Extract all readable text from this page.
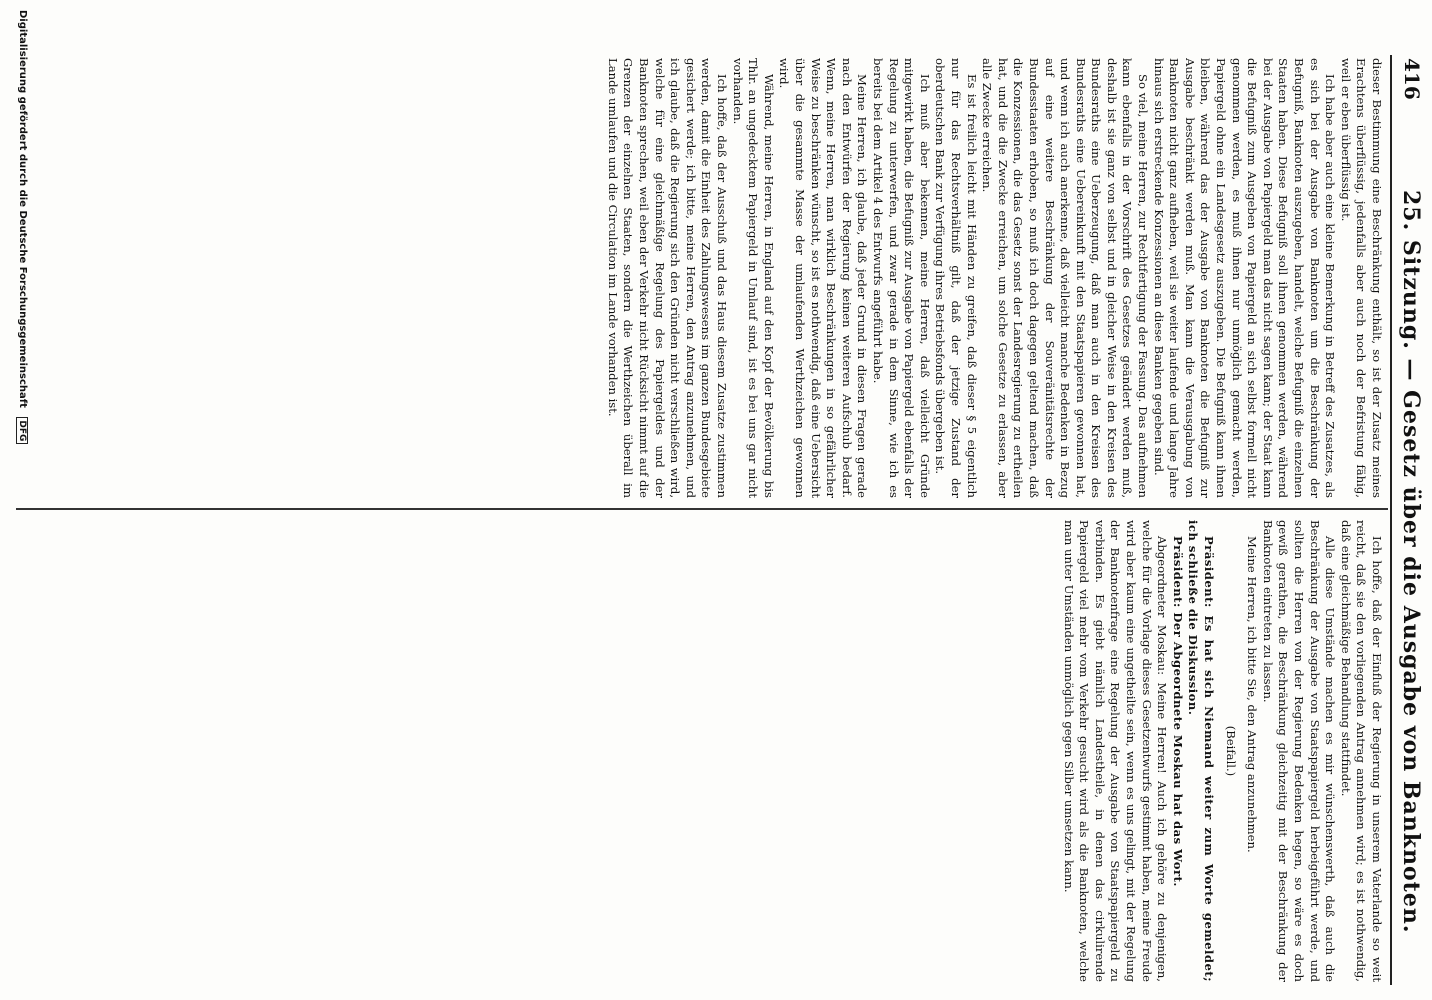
416
25. Sitzung. — Gesetz über die Ausgabe von Banknoten.

dieser Bestimmung eine Beschränkung enthält, so ist der Zusatz meines Erachtens überflüssig, jedenfalls aber auch noch der Befristung fähig, weil er eben überflüssig ist.

Ich habe aber auch eine kleine Bemerkung in Betreff des Zusatzes, als es sich bei der Ausgabe von Banknoten um die Beschränkung der Befugniß, Banknoten auszugeben, handelt, welche Befugniß die einzelnen Staaten haben. Diese Befugniß soll ihnen genommen werden, während bei der Ausgabe von Papiergeld man das nicht sagen kann; der Staat kann die Befugniß zum Ausgeben von Papiergeld an sich selbst formell nicht genommen werden, es muß ihnen nur unmöglich gemacht werden, Papiergeld ohne ein Landesgesetz auszugeben. Die Befugniß kann ihnen bleiben, während das der Ausgabe von Banknoten die Befugniß zur Ausgabe beschränkt werden muß. Man kann die Verausgabung von Banknoten nicht ganz aufheben, weil sie weiter laufende und lange Jahre hinaus sich erstreckende Konzessionen an diese Banken gegeben sind.

So viel, meine Herren, zur Rechtfertigung der Fassung. Das aufnehmen kann ebenfalls in der Vorschrift des Gesetzes geändert werden muß, deshalb ist sie ganz von selbst und in gleicher Weise in den Kreisen des Bundesraths eine Ueberzeugung, daß man auch in den Kreisen des Bundesraths eine Uebereinkunft mit den Staatspapieren gewonnen hat, und wenn ich auch anerkenne, daß vielleicht manche Bedenken in Bezug auf eine weitere Beschränkung der Souveränitätsrechte der Bundesstaaten erhoben, so muß ich doch dagegen geltend machen, daß die Konzessionen, die das Gesetz sonst der Landesregierung zu ertheilen hat, und die die Zwecke erreichen, um solche Gesetze zu erlassen, aber alle Zwecke erreichen.

Es ist freilich leicht mit Händen zu greifen, daß dieser § 5 eigentlich nur für das Rechtsverhältniß gilt, daß der jetzige Zustand der oberdeutschen Bank zur Verfügung ihres Betriebsfonds übergeben ist.

Ich muß aber bekennen, meine Herren, daß vielleicht Gründe mitgewirkt haben, die Befugniß zur Ausgabe von Papiergeld ebenfalls der Regelung zu unterwerfen, und zwar gerade in dem Sinne, wie ich es bereits bei dem Artikel 4 des Entwurfs angeführt habe.

Meine Herren, ich glaube, daß jeder Grund in diesen Fragen gerade nach den Entwürfen der Regierung keinen weiteren Aufschub bedarf. Wenn, meine Herren, man wirklich Beschränkungen in so gefährlicher Weise zu beschränken wünscht, so ist es nothwendig, daß eine Uebersicht über die gesammte Masse der umlaufenden Werthzeichen gewonnen wird.

Während, meine Herren, in England auf den Kopf der Bevölkerung bis Thlr. an ungedecktem Papiergeld in Umlauf sind, ist es bei uns gar nicht vorhanden.

Ich hoffe, daß der Ausschuß und das Haus diesem Zusatze zustimmen werden, damit die Einheit des Zahlungswesens im ganzen Bundesgebiete gesichert werde; ich bitte, meine Herren, den Antrag anzunehmen, und ich glaube, daß die Regierung sich den Gründen nicht verschließen wird, welche für eine gleichmäßige Regelung des Papiergeldes und der Banknoten sprechen, weil eben der Verkehr nicht Rücksicht nimmt auf die Grenzen der einzelnen Staaten, sondern die Werthzeichen überall im Lande umlaufen und die Circulation im Lande vorhanden ist.

Ich hoffe, daß der Einfluß der Regierung in unserem Vaterlande so weit reicht, daß sie den vorliegenden Antrag annehmen wird; es ist nothwendig, daß eine gleichmäßige Behandlung stattfindet.

Alle diese Umstände machen es mir wünschenswerth, daß auch die Beschränkung der Ausgabe von Staatspapiergeld herbeigeführt werde, und sollten die Herren von der Regierung Bedenken hegen, so wäre es doch gewiß gerathen, die Beschränkung gleichzeitig mit der Beschränkung der Banknoten eintreten zu lassen.

Meine Herren, ich bitte Sie, den Antrag anzunehmen.

(Beifall.)

Präsident: Es hat sich Niemand weiter zum Worte gemeldet; ich schließe die Diskussion.

Präsident: Der Abgeordnete Moskau hat das Wort.

Abgeordneter Moskau: Meine Herren! Auch ich gehöre zu denjenigen, welche für die Vorlage dieses Gesetzentwurfs gestimmt haben, meine Freude wird aber kaum eine ungetheilte sein, wenn es uns gelingt, mit der Regelung der Banknotenfrage eine Regelung der Ausgabe von Staatspapiergeld zu verbinden. Es giebt nämlich Landestheile, in denen das cirkulirende Papiergeld viel mehr vom Verkehr gesucht wird als die Banknoten, welche man unter Umständen unmöglich gegen Silber umsetzen kann.

Digitalisierung gefördert durch die Deutsche Forschungsgemeinschaft DFG
